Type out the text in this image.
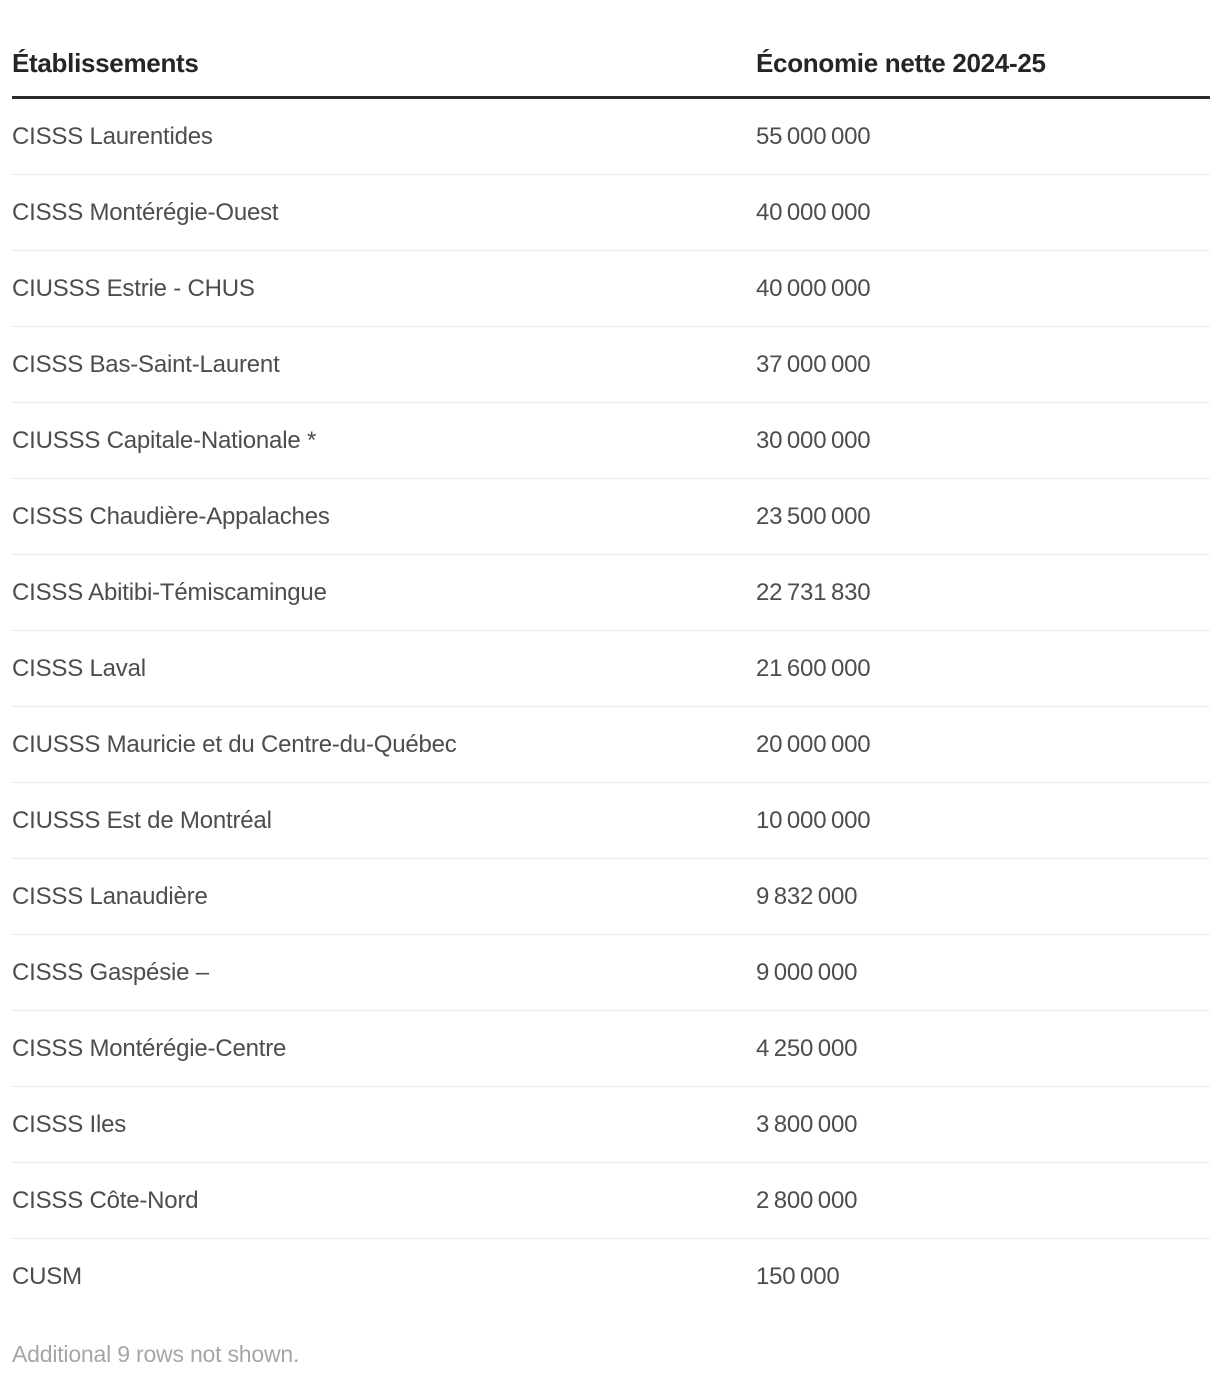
Établissements	Économie nette 2024-25
CISSS Laurentides	55 000 000
CISSS Montérégie-Ouest	40 000 000
CIUSSS Estrie - CHUS	40 000 000
CISSS Bas-Saint-Laurent	37 000 000
CIUSSS Capitale-Nationale *	30 000 000
CISSS Chaudière-Appalaches	23 500 000
CISSS Abitibi-Témiscamingue	22 731 830
CISSS Laval	21 600 000
CIUSSS Mauricie et du Centre-du-Québec	20 000 000
CIUSSS Est de Montréal	10 000 000
CISSS Lanaudière	9 832 000
CISSS Gaspésie –	9 000 000
CISSS Montérégie-Centre	4 250 000
CISSS Iles	3 800 000
CISSS Côte-Nord	2 800 000
CUSM	150 000
Additional 9 rows not shown.
